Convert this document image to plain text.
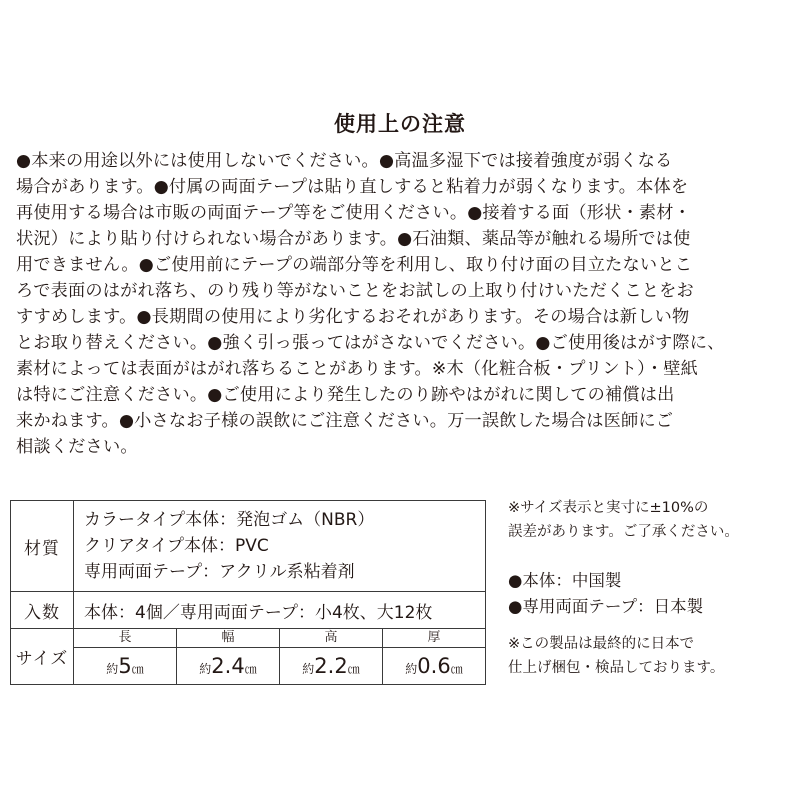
使用上の注意

●本来の用途以外には使用しないでください。●高温多湿下では接着強度が弱くなる

場合があります。●付属の両面テープは貼り直しすると粘着力が弱くなります。本体を

再使用する場合は市販の両面テープ等をご使用ください。●接着する面（形状・素材・

状況）により貼り付けられない場合があります。●石油類、薬品等が触れる場所では使

用できません。●ご使用前にテープの端部分等を利用し、取り付け面の目立たないとこ

ろで表面のはがれ落ち、のり残り等がないことをお試しの上取り付けいただくことをお

すすめします。●長期間の使用により劣化するおそれがあります。その場合は新しい物

とお取り替えください。●強く引っ張ってはがさないでください。●ご使用後はがす際に、

素材によっては表面がはがれ落ちることがあります。※木（化粧合板・プリント）・壁紙

は特にご注意ください。●ご使用により発生したのり跡やはがれに関しての補償は出

来かねます。●小さなお子様の誤飲にご注意ください。万一誤飲した場合は医師にご

相談ください。

材質	カラータイプ本体：発泡ゴム（NBR）
クリアタイプ本体：PVC
専用両面テープ：アクリル系粘着剤			

入数	本体：4個／専用両面テープ：小4枚、大12枚			
サイズ	長	幅	高	厚
	約5㎝	約2.4㎝	約2.2㎝	約0.6㎝
※サイズ表示と実寸に±10%の
誤差があります。ご了承ください。
●本体：中国製
●専用両面テープ：日本製
※この製品は最終的に日本で
仕上げ梱包・検品しております。
